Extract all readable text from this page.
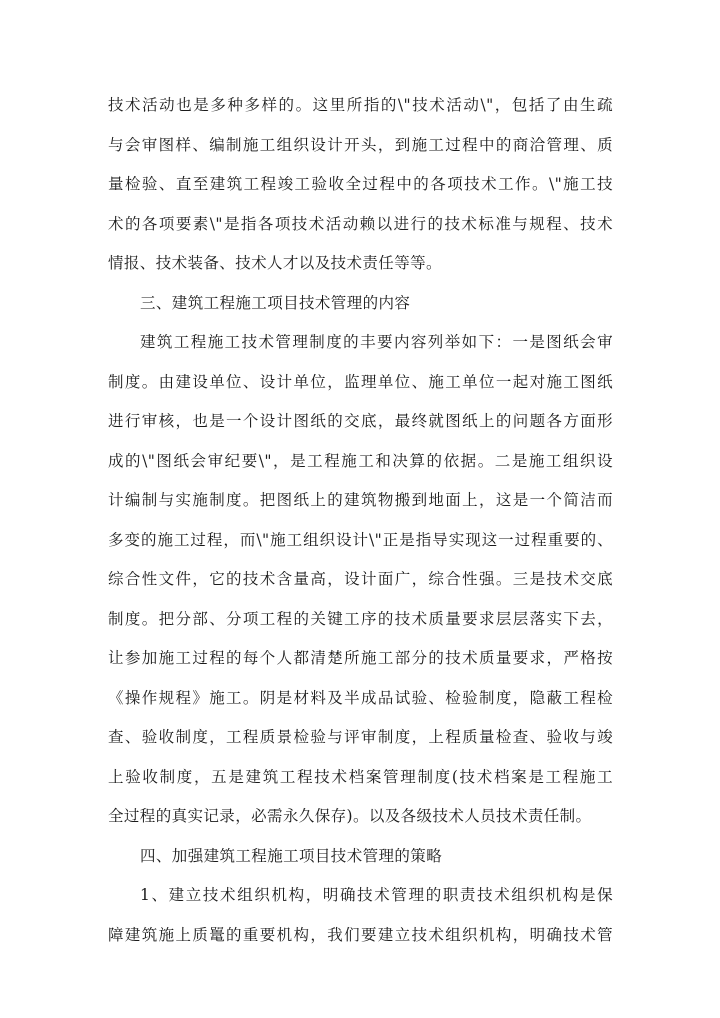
技术活动也是多种多样的。这里所指的\"技术活动\"，包括了由生疏
与会审图样、编制施工组织设计开头，到施工过程中的商洽管理、质
量检验、直至建筑工程竣工验收全过程中的各项技术工作。\"施工技
术的各项要素\"是指各项技术活动赖以进行的技术标准与规程、技术
情报、技术装备、技术人才以及技术责任等等。
三、建筑工程施工项目技术管理的内容
建筑工程施工技术管理制度的丰要内容列举如下：一是图纸会审
制度。由建设单位、设计单位，监理单位、施工单位一起对施工图纸
进行审核，也是一个设计图纸的交底，最终就图纸上的问题各方面形
成的\"图纸会审纪要\"，是工程施工和决算的依据。二是施工组织设
计编制与实施制度。把图纸上的建筑物搬到地面上，这是一个简洁而
多变的施工过程，而\"施工组织设计\"正是指导实现这一过程重要的、
综合性文件，它的技术含量高，设计面广，综合性强。三是技术交底
制度。把分部、分项工程的关键工序的技术质量要求层层落实下去，
让参加施工过程的每个人都清楚所施工部分的技术质量要求，严格按
《操作规程》施工。阴是材料及半成品试验、检验制度，隐蔽工程检
查、验收制度，工程质景检验与评审制度，上程质量检查、验收与竣
上验收制度，五是建筑工程技术档案管理制度(技术档案是工程施工
全过程的真实记录，必需永久保存)。以及各级技术人员技术责任制。
四、加强建筑工程施工项目技术管理的策略
1、建立技术组织机构，明确技术管理的职责技术组织机构是保
障建筑施上质鼍的重要机构，我们要建立技术组织机构，明确技术管
